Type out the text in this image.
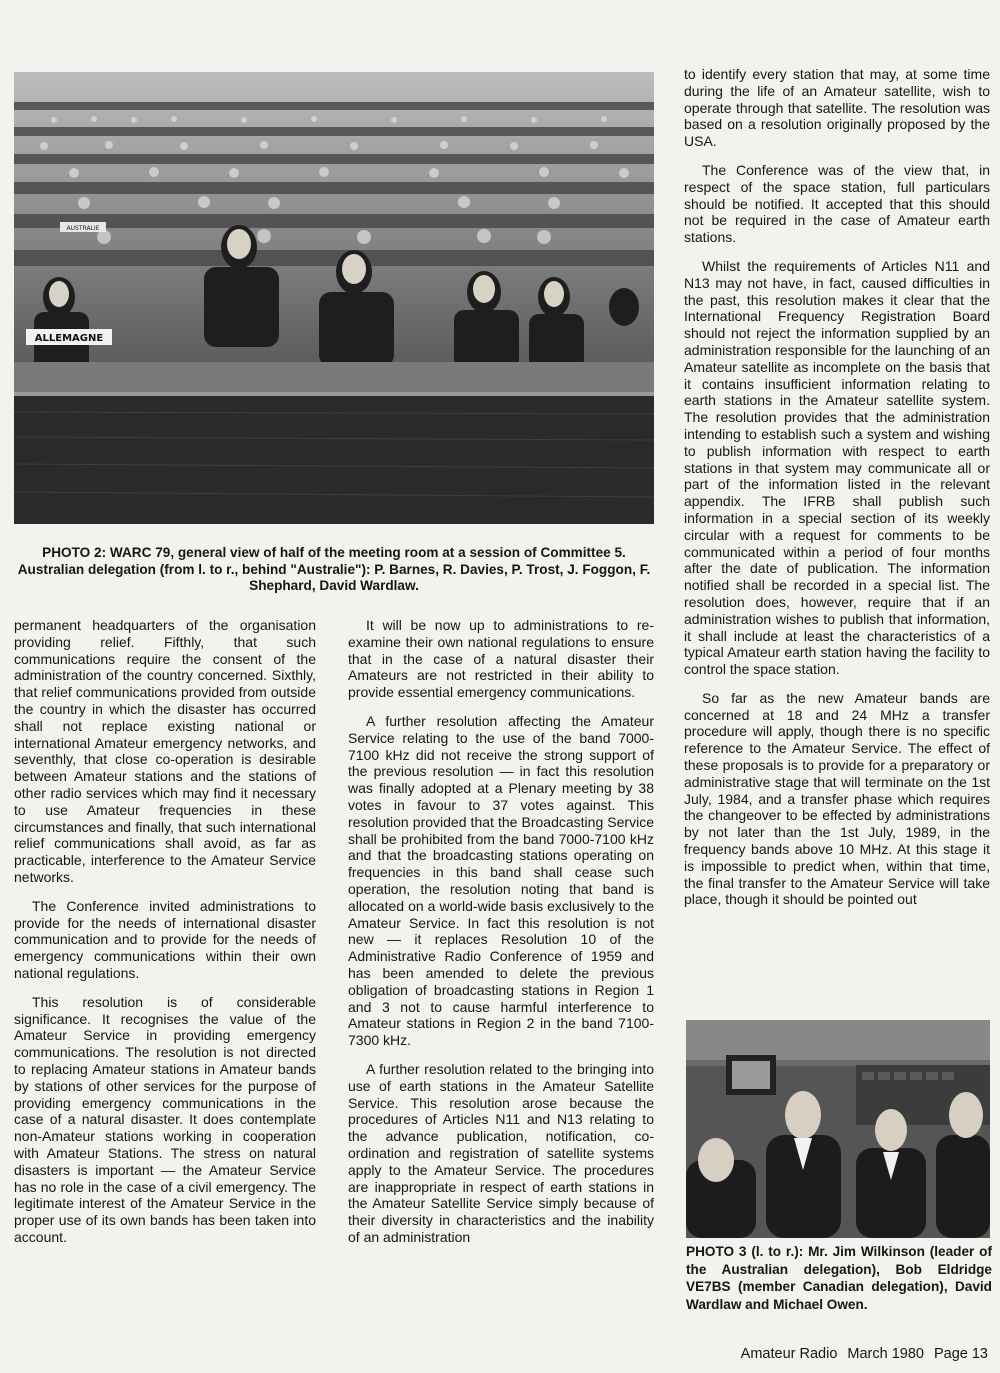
AUSTRALIE
ALLEMAGNE
PHOTO 2: WARC 79, general view of half of the meeting room at a session of Committee 5. Australian delegation (from l. to r., behind "Australie"): P. Barnes, R. Davies, P. Trost, J. Foggon, F. Shephard, David Wardlaw.

permanent headquarters of the organisation providing relief. Fifthly, that such communications require the consent of the administration of the country concerned. Sixthly, that relief communications provided from outside the country in which the disaster has occurred shall not replace existing national or international Amateur emergency networks, and seventhly, that close co-operation is desirable between Amateur stations and the stations of other radio services which may find it necessary to use Amateur frequencies in these circumstances and finally, that such international relief communications shall avoid, as far as practicable, interference to the Amateur Service networks.

The Conference invited administrations to provide for the needs of international disaster communication and to provide for the needs of emergency communications within their own national regulations.

This resolution is of considerable significance. It recognises the value of the Amateur Service in providing emergency communications. The resolution is not directed to replacing Amateur stations in Amateur bands by stations of other services for the purpose of providing emergency communications in the case of a natural disaster. It does contemplate non-Amateur stations working in cooperation with Amateur Stations. The stress on natural disasters is important — the Amateur Service has no role in the case of a civil emergency. The legitimate interest of the Amateur Service in the proper use of its own bands has been taken into account.

It will be now up to administrations to re-examine their own national regulations to ensure that in the case of a natural disaster their Amateurs are not restricted in their ability to provide essential emergency communications.

A further resolution affecting the Amateur Service relating to the use of the band 7000-7100 kHz did not receive the strong support of the previous resolution — in fact this resolution was finally adopted at a Plenary meeting by 38 votes in favour to 37 votes against. This resolution provided that the Broadcasting Service shall be prohibited from the band 7000-7100 kHz and that the broadcasting stations operating on frequencies in this band shall cease such operation, the resolution noting that band is allocated on a world-wide basis exclusively to the Amateur Service. In fact this resolution is not new — it replaces Resolution 10 of the Administrative Radio Conference of 1959 and has been amended to delete the previous obligation of broadcasting stations in Region 1 and 3 not to cause harmful interference to Amateur stations in Region 2 in the band 7100-7300 kHz.

A further resolution related to the bringing into use of earth stations in the Amateur Satellite Service. This resolution arose because the procedures of Articles N11 and N13 relating to the advance publication, notification, co-ordination and registration of satellite systems apply to the Amateur Service. The procedures are inappropriate in respect of earth stations in the Amateur Satellite Service simply because of their diversity in characteristics and the inability of an administration

to identify every station that may, at some time during the life of an Amateur satellite, wish to operate through that satellite. The resolution was based on a resolution originally proposed by the USA.

The Conference was of the view that, in respect of the space station, full particulars should be notified. It accepted that this should not be required in the case of Amateur earth stations.

Whilst the requirements of Articles N11 and N13 may not have, in fact, caused difficulties in the past, this resolution makes it clear that the International Frequency Registration Board should not reject the information supplied by an administration responsible for the launching of an Amateur satellite as incomplete on the basis that it contains insufficient information relating to earth stations in the Amateur satellite system. The resolution provides that the administration intending to establish such a system and wishing to publish information with respect to earth stations in that system may communicate all or part of the information listed in the relevant appendix. The IFRB shall publish such information in a special section of its weekly circular with a request for comments to be communicated within a period of four months after the date of publication. The information notified shall be recorded in a special list. The resolution does, however, require that if an administration wishes to publish that information, it shall include at least the characteristics of a typical Amateur earth station having the facility to control the space station.

So far as the new Amateur bands are concerned at 18 and 24 MHz a transfer procedure will apply, though there is no specific reference to the Amateur Service. The effect of these proposals is to provide for a preparatory or administrative stage that will terminate on the 1st July, 1984, and a transfer phase which requires the changeover to be effected by administrations by not later than the 1st July, 1989, in the frequency bands above 10 MHz. At this stage it is impossible to predict when, within that time, the final transfer to the Amateur Service will take place, though it should be pointed out

PHOTO 3 (l. to r.): Mr. Jim Wilkinson (leader of the Australian delegation), Bob Eldridge VE7BS (member Canadian delegation), David Wardlaw and Michael Owen.
Amateur Radio March 1980 Page 13
